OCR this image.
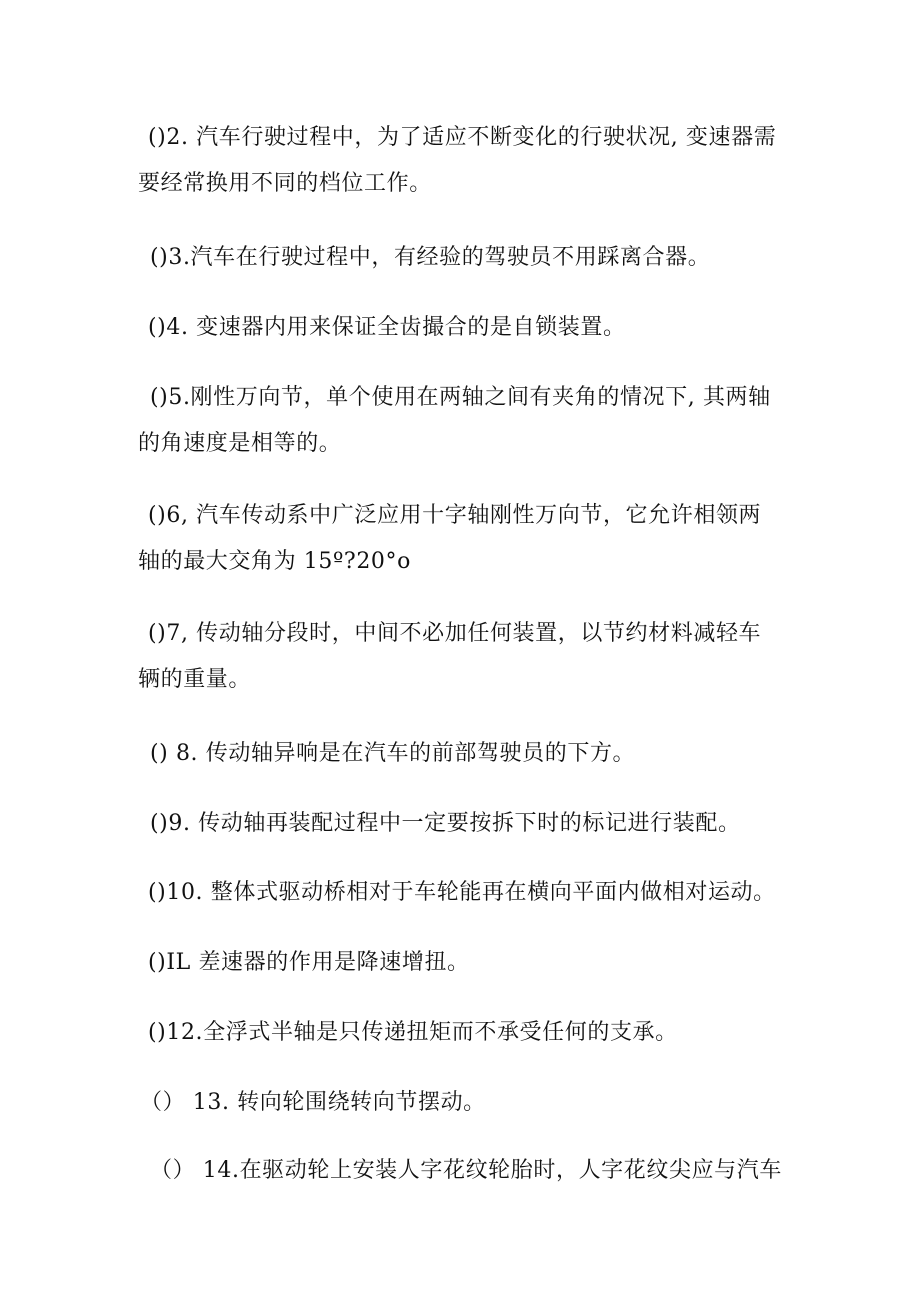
()2. 汽车行驶过程中，为了适应不断变化的行驶状况, 变速器需
要经常换用不同的档位工作。
()3.汽车在行驶过程中，有经验的驾驶员不用踩离合器。
()4. 变速器内用来保证全齿撮合的是自锁装置。
()5.刚性万向节，单个使用在两轴之间有夹角的情况下, 其两轴
的角速度是相等的。
()6, 汽车传动系中广泛应用十字轴刚性万向节，它允许相领两
轴的最大交角为 15º?20°o
()7, 传动轴分段时，中间不必加任何装置，以节约材料减轻车
辆的重量。
() 8. 传动轴异响是在汽车的前部驾驶员的下方。
()9. 传动轴再装配过程中一定要按拆下时的标记进行装配。
()10. 整体式驱动桥相对于车轮能再在横向平面内做相对运动。
()IL 差速器的作用是降速增扭。
()12.全浮式半轴是只传递扭矩而不承受任何的支承。
（） 13. 转向轮围绕转向节摆动。
（） 14.在驱动轮上安装人字花纹轮胎时，人字花纹尖应与汽车
